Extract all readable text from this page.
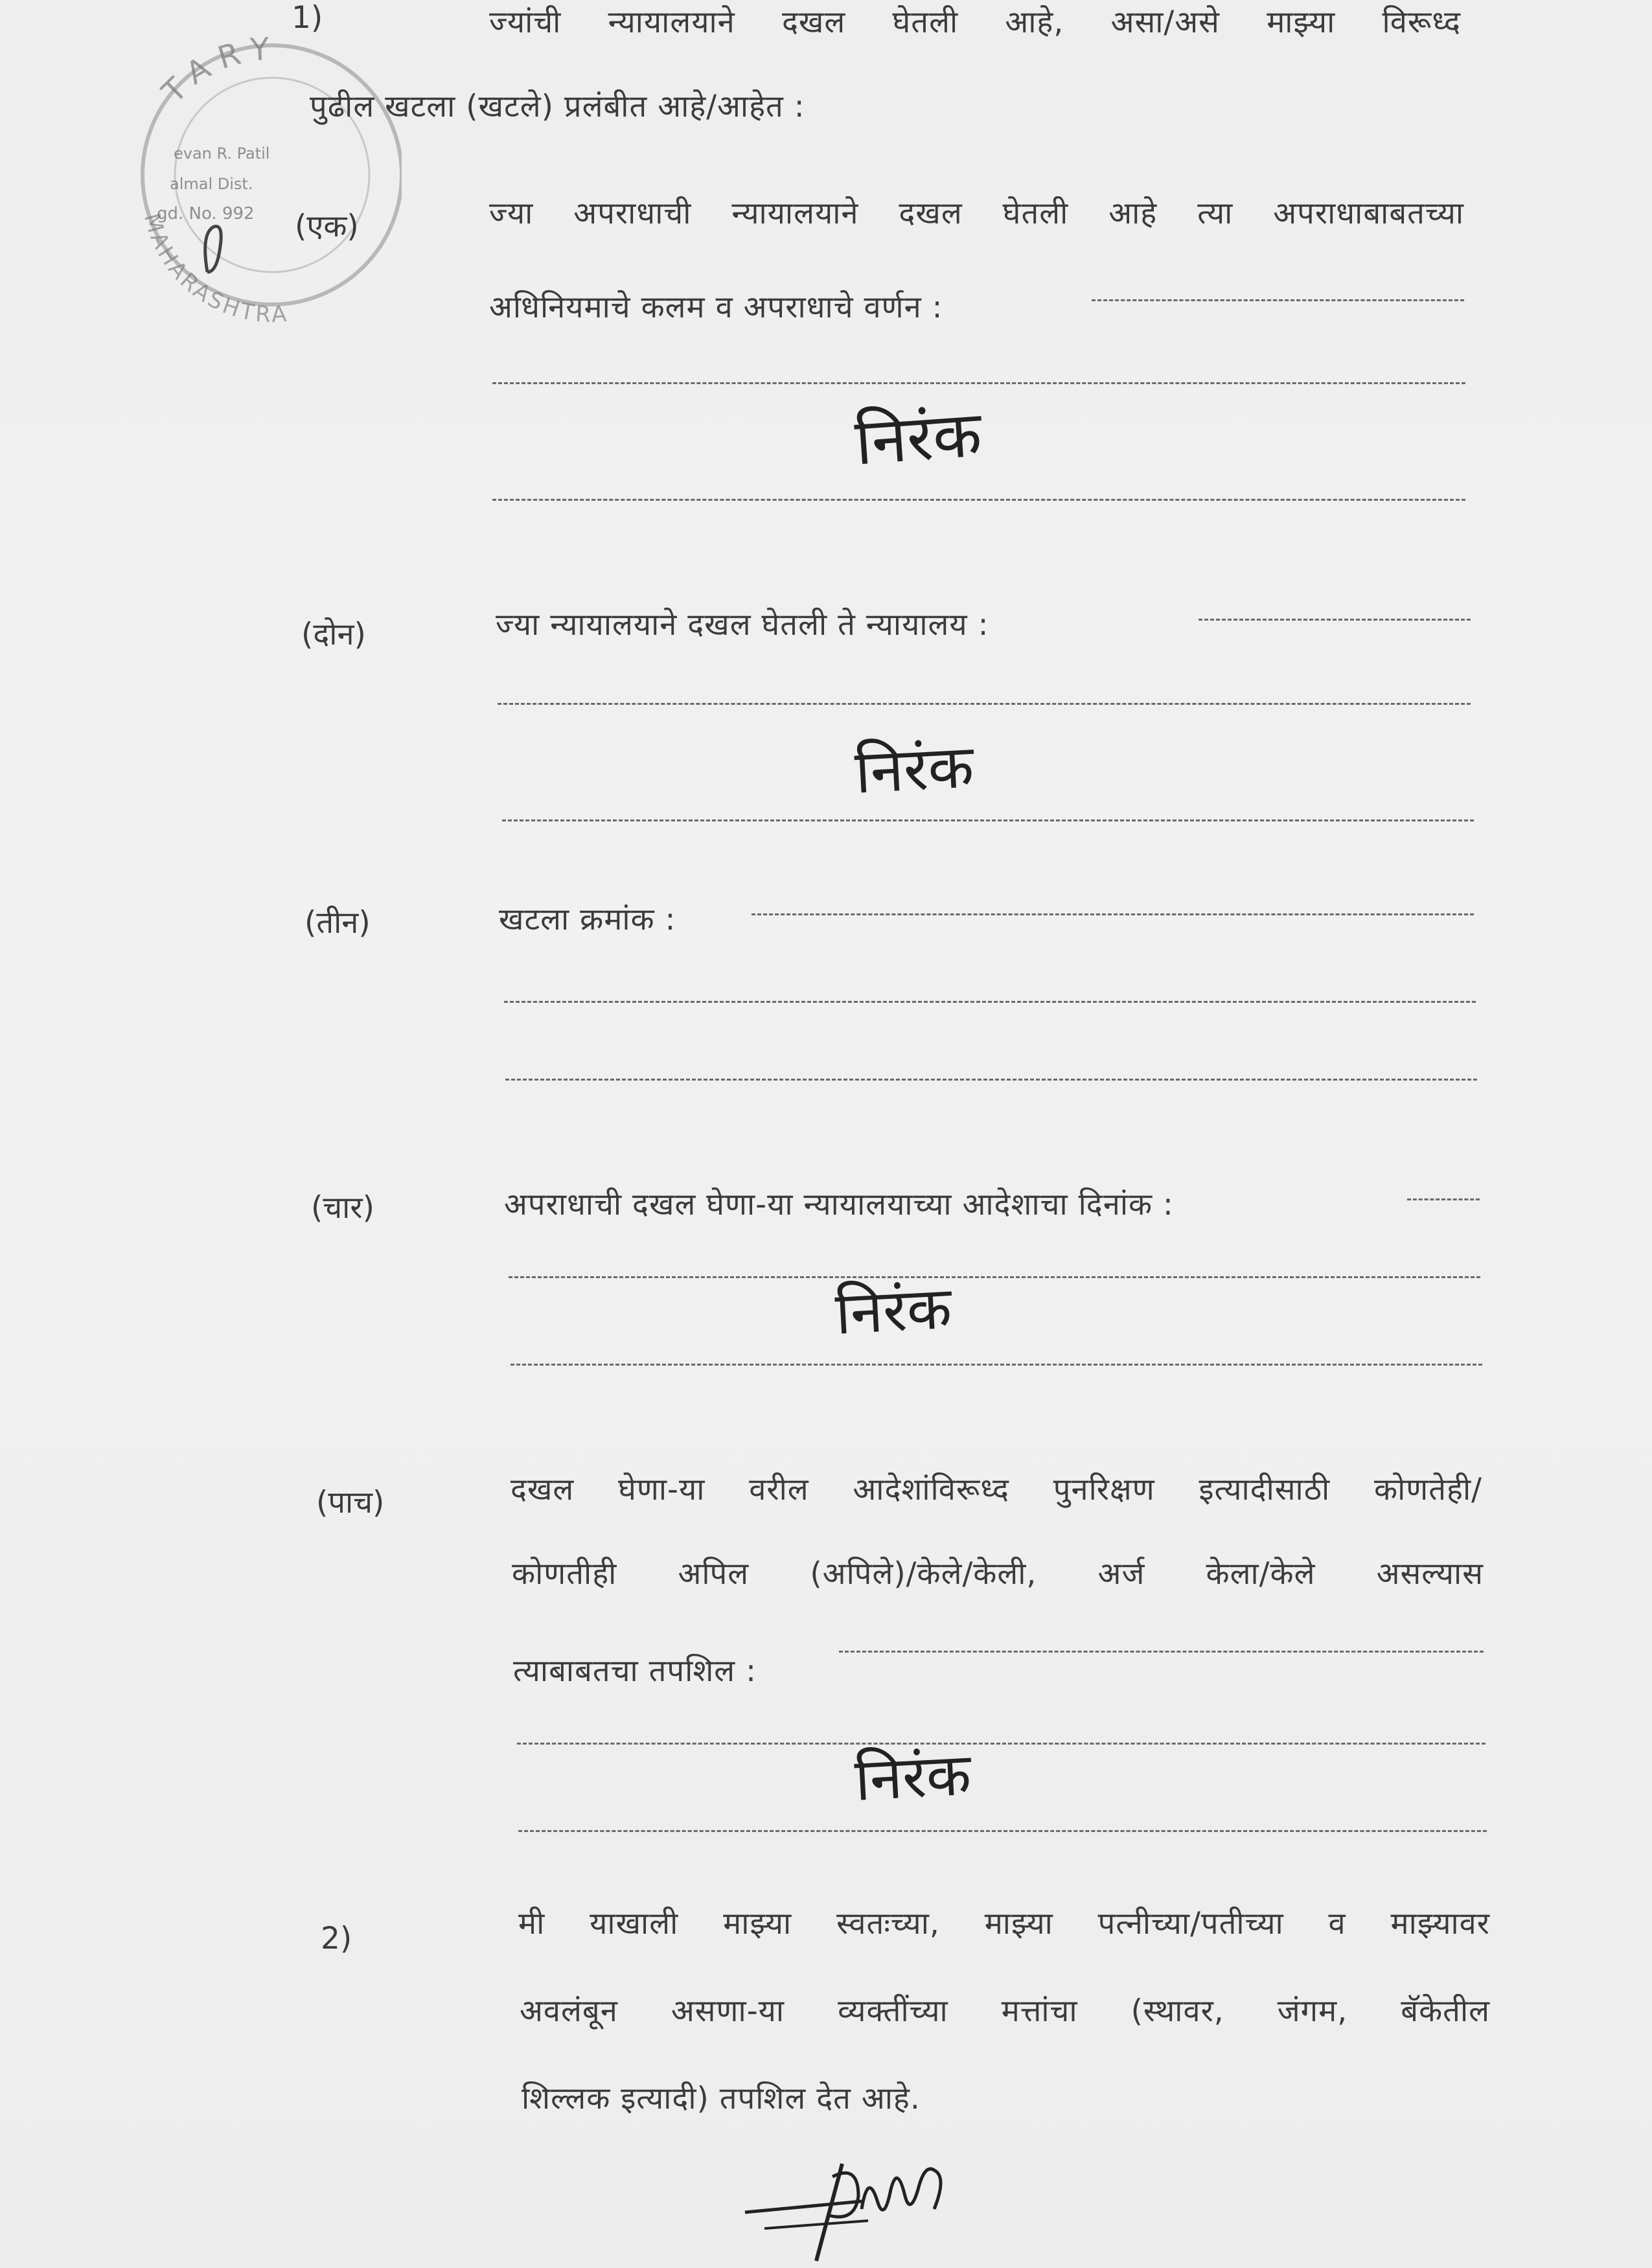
TARY
MAHARASHTRA
evan R. Patil
almal Dist.
gd. No. 992
1)	ज्यांची न्यायालयाने दखल घेतली आहे, असा/असे माझ्या विरूध्द
पुढील खटला (खटले) प्रलंबीत आहे/आहेत :
(एक)	ज्या अपराधाची न्यायालयाने दखल घेतली आहे त्या अपराधाबाबतच्या
अधिनियमाचे कलम व अपराधाचे वर्णन :
निरंक
(दोन)	ज्या न्यायालयाने दखल घेतली ते न्यायालय :
निरंक
(तीन)	खटला क्रमांक :
(चार)	अपराधाची दखल घेणा-या न्यायालयाच्या आदेशाचा दिनांक :
निरंक
(पाच)	दखल घेणा-या वरील आदेशांविरूध्द पुनरिक्षण इत्यादीसाठी कोणतेही/
कोणतीही अपिल (अपिले)/केले/केली, अर्ज केला/केले असल्यास
त्याबाबतचा तपशिल :
निरंक
2)	मी याखाली माझ्या स्वतःच्या, माझ्या पत्नीच्या/पतीच्या व माझ्यावर
अवलंबून असणा-या व्यक्तींच्या मत्तांचा (स्थावर, जंगम, बॅकेतील
शिल्लक इत्यादी) तपशिल देत आहे.
